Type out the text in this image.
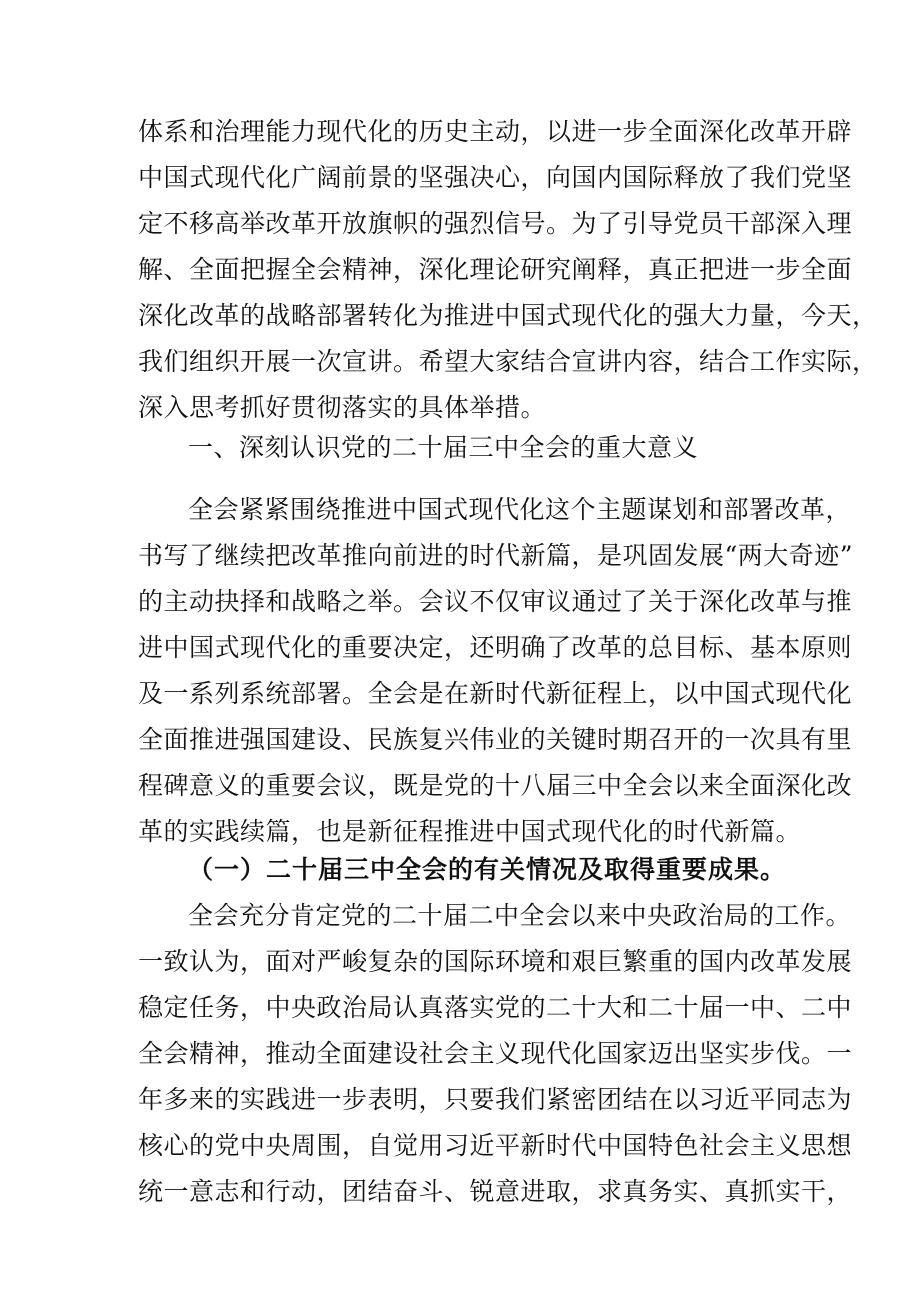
体系和治理能力现代化的历史主动，以进一步全面深化改革开辟
中国式现代化广阔前景的坚强决心，向国内国际释放了我们党坚
定不移高举改革开放旗帜的强烈信号。为了引导党员干部深入理
解、全面把握全会精神，深化理论研究阐释，真正把进一步全面
深化改革的战略部署转化为推进中国式现代化的强大力量，今天，
我们组织开展一次宣讲。希望大家结合宣讲内容，结合工作实际，
深入思考抓好贯彻落实的具体举措。
一、深刻认识党的二十届三中全会的重大意义
全会紧紧围绕推进中国式现代化这个主题谋划和部署改革，
书写了继续把改革推向前进的时代新篇，是巩固发展“两大奇迹”
的主动抉择和战略之举。会议不仅审议通过了关于深化改革与推
进中国式现代化的重要决定，还明确了改革的总目标、基本原则
及一系列系统部署。全会是在新时代新征程上，以中国式现代化
全面推进强国建设、民族复兴伟业的关键时期召开的一次具有里
程碑意义的重要会议，既是党的十八届三中全会以来全面深化改
革的实践续篇，也是新征程推进中国式现代化的时代新篇。
（一）二十届三中全会的有关情况及取得重要成果。
全会充分肯定党的二十届二中全会以来中央政治局的工作。
一致认为，面对严峻复杂的国际环境和艰巨繁重的国内改革发展
稳定任务，中央政治局认真落实党的二十大和二十届一中、二中
全会精神，推动全面建设社会主义现代化国家迈出坚实步伐。一
年多来的实践进一步表明，只要我们紧密团结在以习近平同志为
核心的党中央周围，自觉用习近平新时代中国特色社会主义思想
统一意志和行动，团结奋斗、锐意进取，求真务实、真抓实干，
